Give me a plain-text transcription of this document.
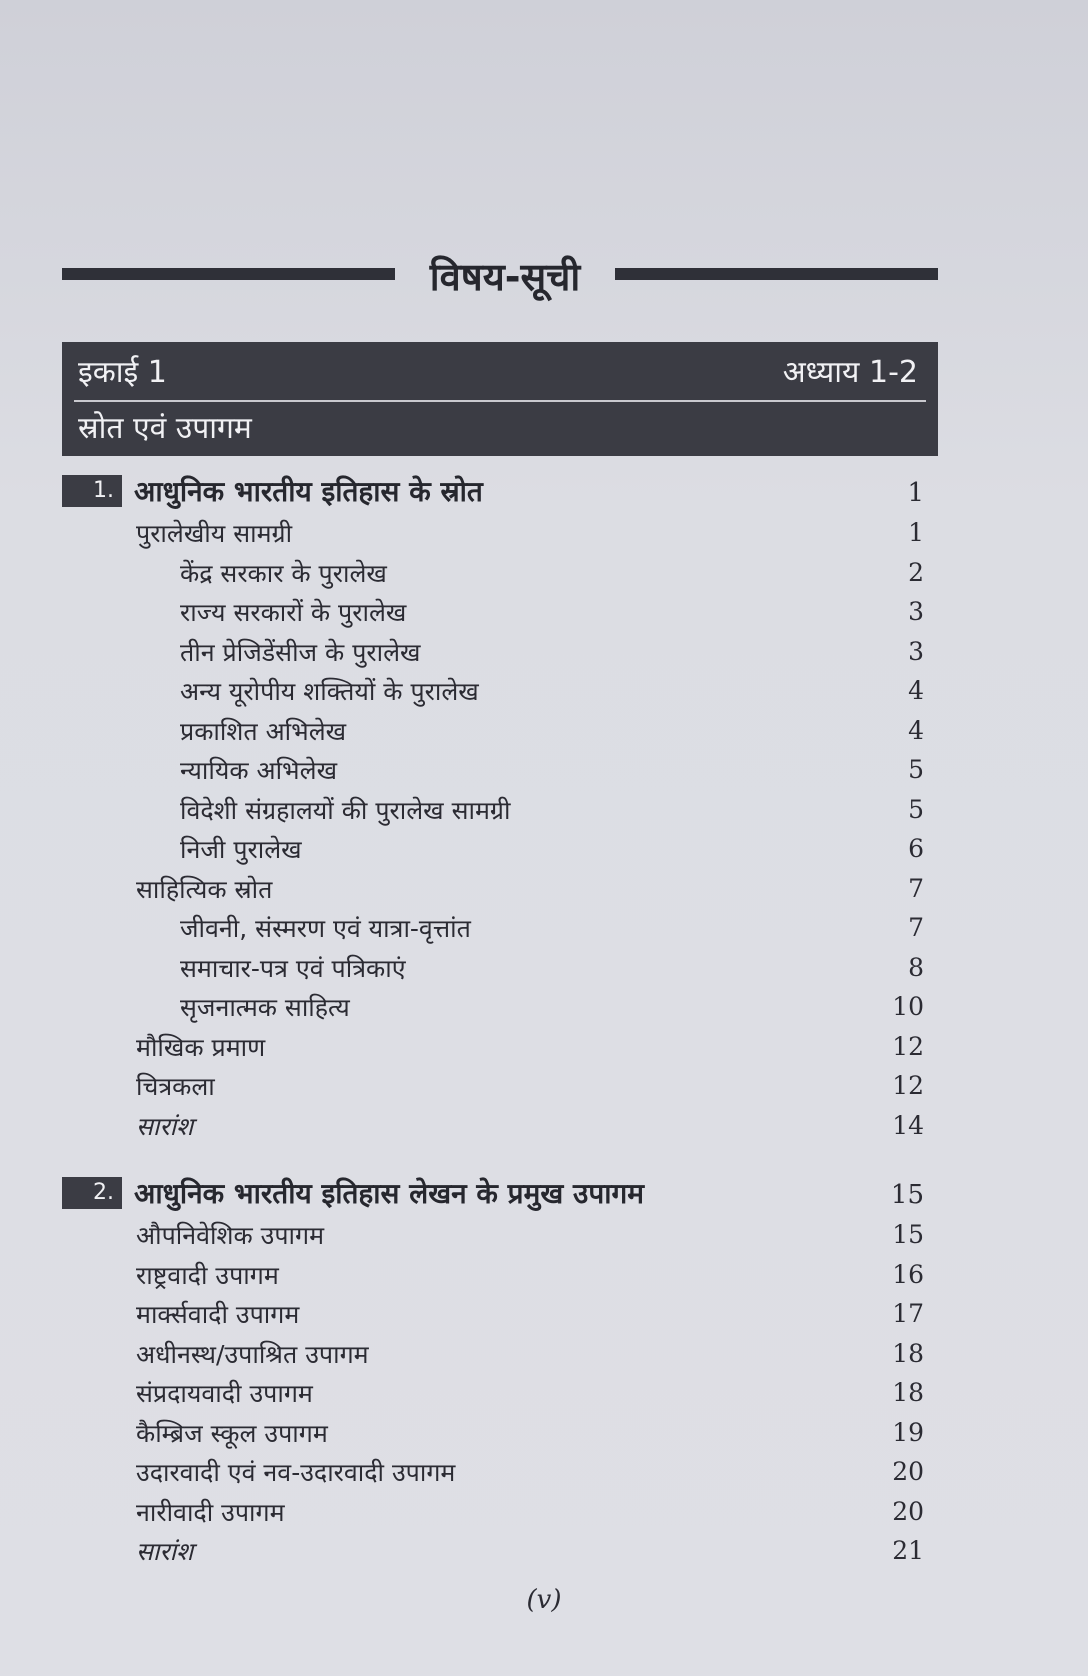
विषय-सूची
इकाई 1	अध्याय 1-2
स्रोत एवं उपागम
1. आधुनिक भारतीय इतिहास के स्रोत	1
पुरालेखीय सामग्री	1
केंद्र सरकार के पुरालेख	2
राज्य सरकारों के पुरालेख	3
तीन प्रेजिडेंसीज के पुरालेख	3
अन्य यूरोपीय शक्तियों के पुरालेख	4
प्रकाशित अभिलेख	4
न्यायिक अभिलेख	5
विदेशी संग्रहालयों की पुरालेख सामग्री	5
निजी पुरालेख	6
साहित्यिक स्रोत	7
जीवनी, संस्मरण एवं यात्रा-वृत्तांत	7
समाचार-पत्र एवं पत्रिकाएं	8
सृजनात्मक साहित्य	10
मौखिक प्रमाण	12
चित्रकला	12
सारांश	14
2. आधुनिक भारतीय इतिहास लेखन के प्रमुख उपागम	15
औपनिवेशिक उपागम	15
राष्ट्रवादी उपागम	16
मार्क्सवादी उपागम	17
अधीनस्थ/उपाश्रित उपागम	18
संप्रदायवादी उपागम	18
कैम्ब्रिज स्कूल उपागम	19
उदारवादी एवं नव-उदारवादी उपागम	20
नारीवादी उपागम	20
सारांश	21
(v)
